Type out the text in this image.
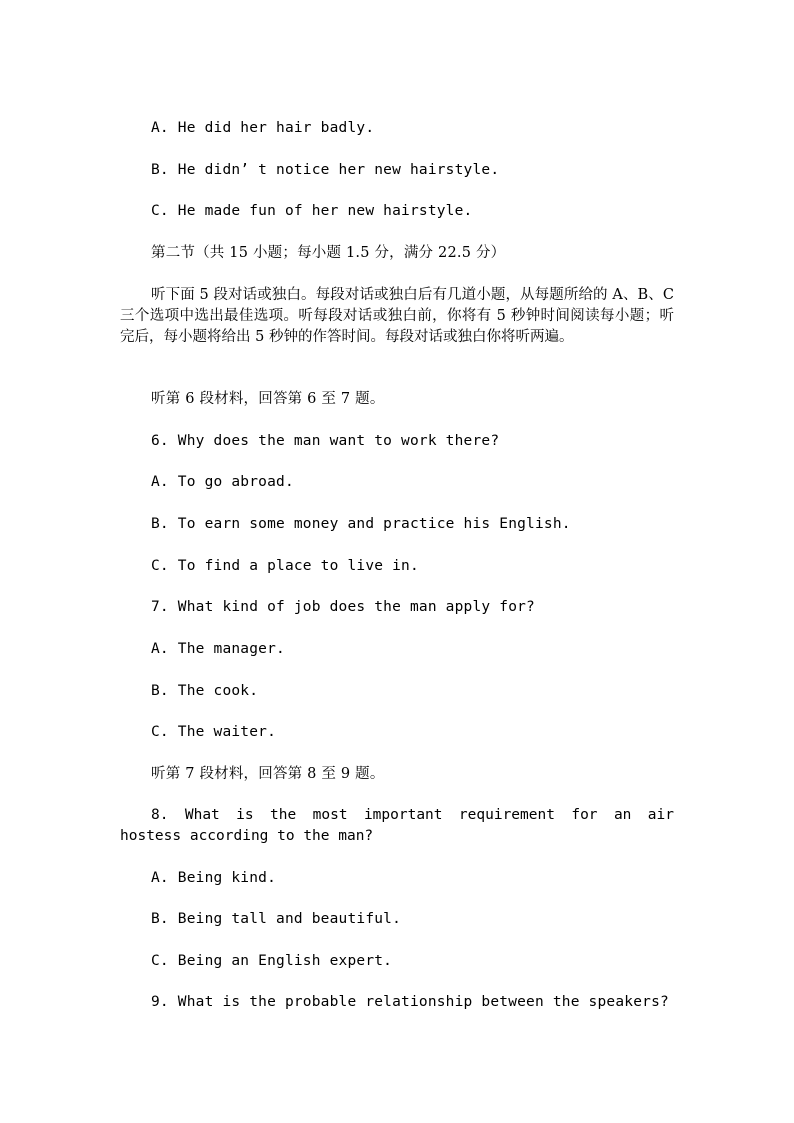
A. He did her hair badly.
B. He didn’ t notice her new hairstyle.
C. He made fun of her new hairstyle.
第二节（共 15 小题；每小题 1.5 分，满分 22.5 分）
听下面 5 段对话或独白。每段对话或独白后有几道小题，从每题所给的 A、B、C 三个选项中选出最佳选项。听每段对话或独白前，你将有 5 秒钟时间阅读每小题；听完后，每小题将给出 5 秒钟的作答时间。每段对话或独白你将听两遍。
听第 6 段材料，回答第 6 至 7 题。
6. Why does the man want to work there?
A. To go abroad.
B. To earn some money and practice his English.
C. To find a place to live in.
7. What kind of job does the man apply for?
A. The manager.
B. The cook.
C. The waiter.
听第 7 段材料，回答第 8 至 9 题。
8. What is the most important requirement for an air hostess according to the man?
A. Being kind.
B. Being tall and beautiful.
C. Being an English expert.
9. What is the probable relationship between the speakers?
